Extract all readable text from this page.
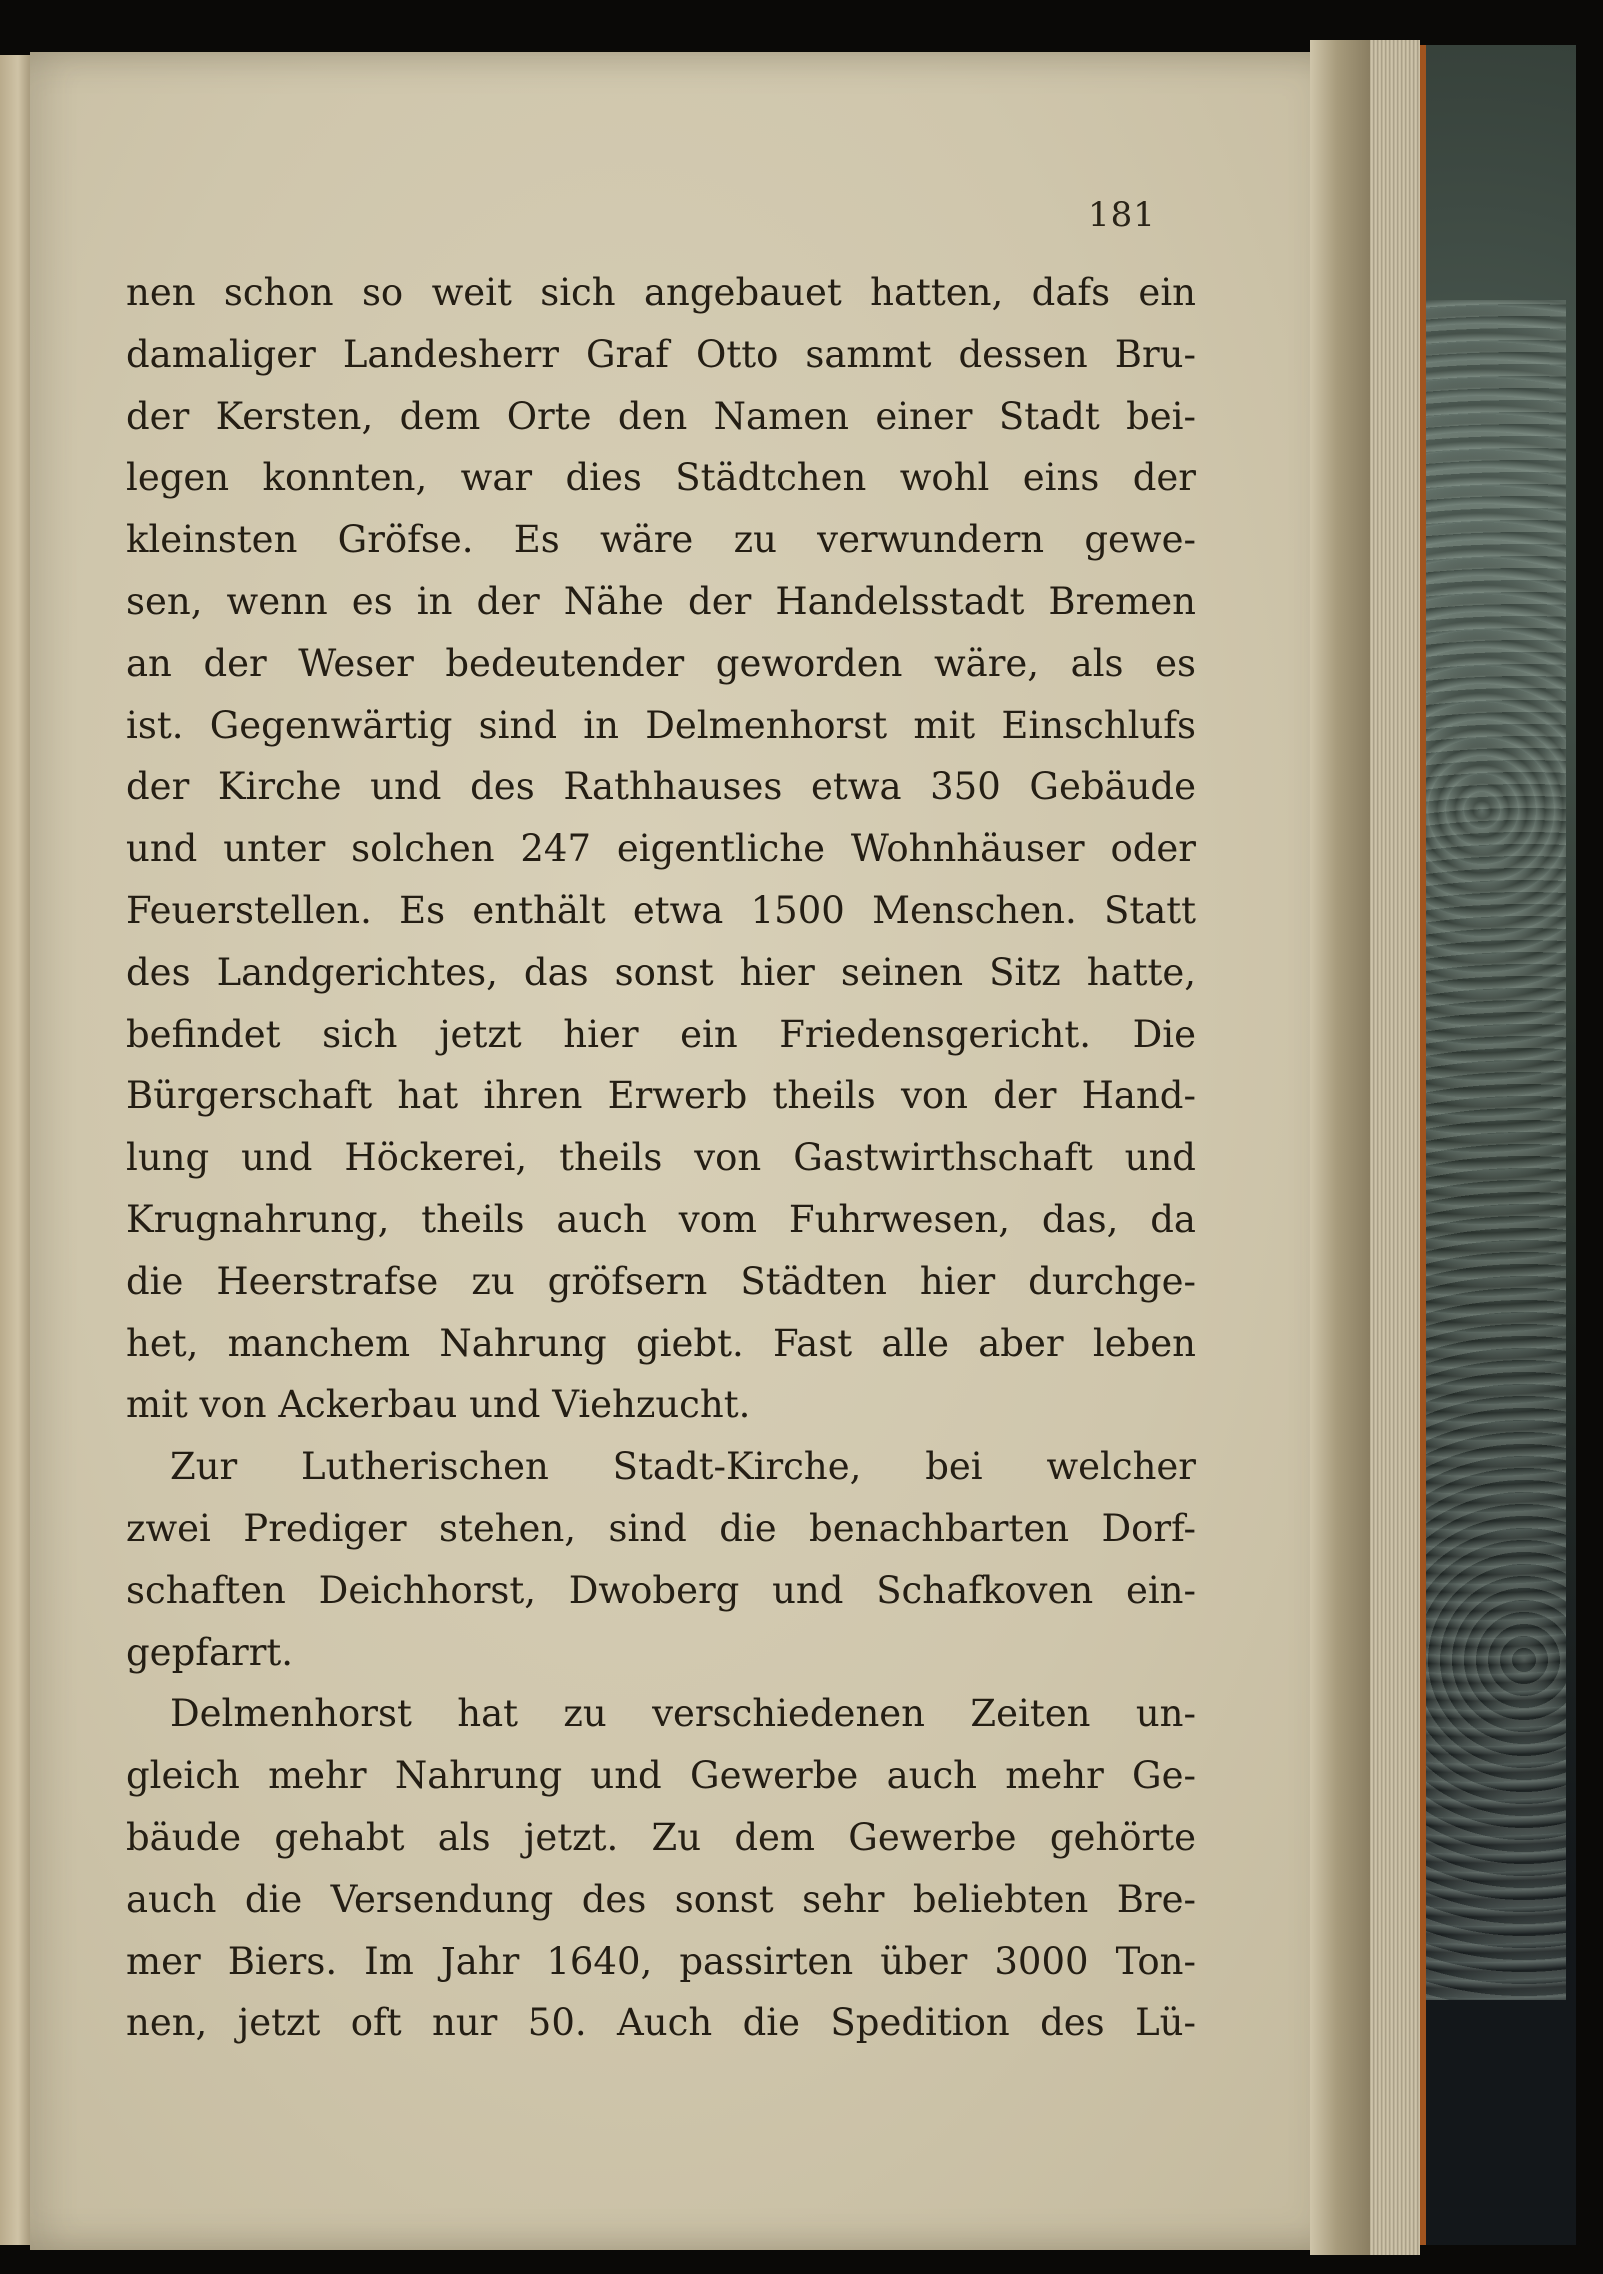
181
nen schon so weit sich angebauet hatten, dafs ein
damaliger Landesherr Graf Otto sammt dessen Bru-
der Kersten, dem Orte den Namen einer Stadt bei-
legen konnten, war dies Städtchen wohl eins der
kleinsten Gröfse. Es wäre zu verwundern gewe-
sen, wenn es in der Nähe der Handelsstadt Bremen
an der Weser bedeutender geworden wäre, als es
ist. Gegenwärtig sind in Delmenhorst mit Einschlufs
der Kirche und des Rathhauses etwa 350 Gebäude
und unter solchen 247 eigentliche Wohnhäuser oder
Feuerstellen. Es enthält etwa 1500 Menschen. Statt
des Landgerichtes, das sonst hier seinen Sitz hatte,
befindet sich jetzt hier ein Friedensgericht. Die
Bürgerschaft hat ihren Erwerb theils von der Hand-
lung und Höckerei, theils von Gastwirthschaft und
Krugnahrung, theils auch vom Fuhrwesen, das, da
die Heerstrafse zu gröfsern Städten hier durchge-
het, manchem Nahrung giebt. Fast alle aber leben
mit von Ackerbau und Viehzucht.
Zur Lutherischen Stadt-Kirche, bei welcher
zwei Prediger stehen, sind die benachbarten Dorf-
schaften Deichhorst, Dwoberg und Schafkoven ein-
gepfarrt.
Delmenhorst hat zu verschiedenen Zeiten un-
gleich mehr Nahrung und Gewerbe auch mehr Ge-
bäude gehabt als jetzt. Zu dem Gewerbe gehörte
auch die Versendung des sonst sehr beliebten Bre-
mer Biers. Im Jahr 1640, passirten über 3000 Ton-
nen, jetzt oft nur 50. Auch die Spedition des Lü-
